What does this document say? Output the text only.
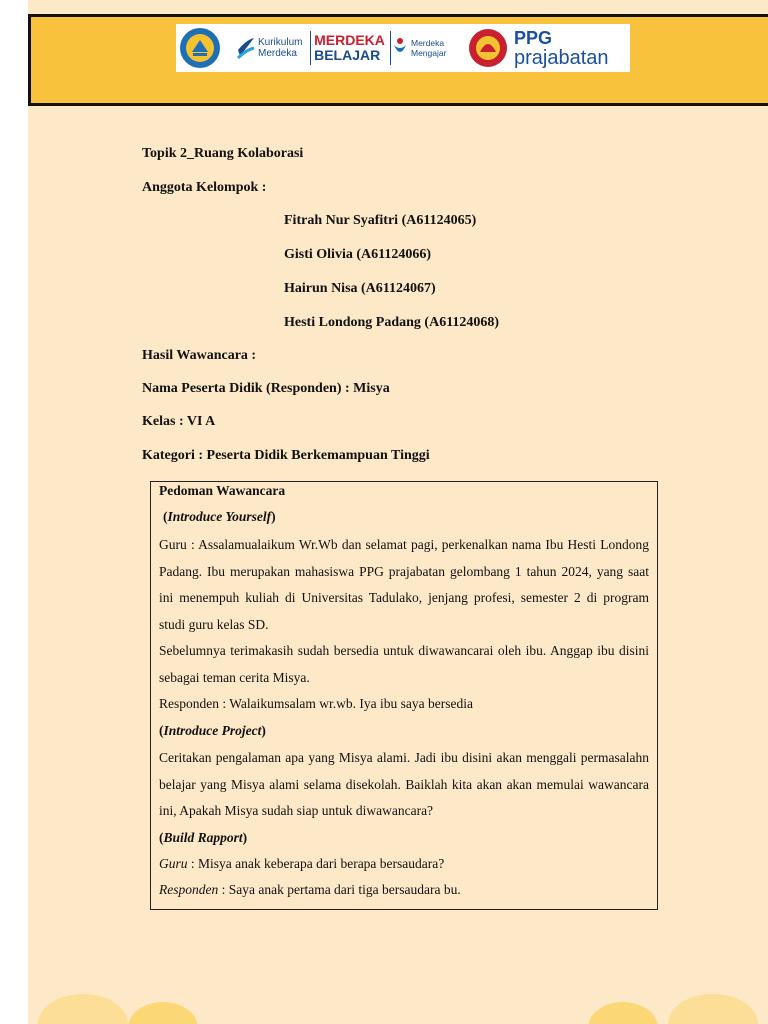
Kurikulum
Merdeka
MERDEKA
BELAJAR
Merdeka
Mengajar
PPG
prajabatan
Topik 2_Ruang Kolaborasi
Anggota Kelompok :
Fitrah Nur Syafitri (A61124065)
Gisti Olivia (A61124066)
Hairun Nisa (A61124067)
Hesti Londong Padang (A61124068)
Hasil Wawancara :
Nama Peserta Didik (Responden) : Misya
Kelas : VI A
Kategori : Peserta Didik Berkemampuan Tinggi
Pedoman Wawancara
(Introduce Yourself)
Guru : Assalamualaikum Wr.Wb dan selamat pagi, perkenalkan nama Ibu Hesti Londong Padang. Ibu merupakan mahasiswa PPG prajabatan gelombang 1 tahun 2024, yang saat ini menempuh kuliah di Universitas Tadulako, jenjang profesi, semester 2 di program studi guru kelas SD.
Sebelumnya terimakasih sudah bersedia untuk diwawancarai oleh ibu. Anggap ibu disini sebagai teman cerita Misya.
Responden : Walaikumsalam wr.wb. Iya ibu saya bersedia
(Introduce Project)
Ceritakan pengalaman apa yang Misya alami. Jadi ibu disini akan menggali permasalahn belajar yang Misya alami selama disekolah. Baiklah kita akan akan memulai wawancara ini, Apakah Misya sudah siap untuk diwawancara?
(Build Rapport)
Guru : Misya anak keberapa dari berapa bersaudara?
Responden : Saya anak pertama dari tiga bersaudara bu.
